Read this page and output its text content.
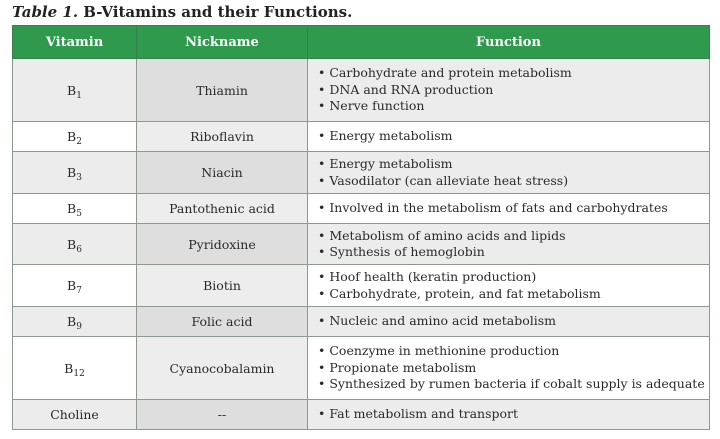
Table 1. B-Vitamins and their Functions.
Vitamin	Nickname	Function
$B_1$	Thiamin	• Carbohydrate and protein metabolism
• DNA and RNA production
• Nerve function

$B_2$	Riboflavin	• Energy metabolism

$B_3$	Niacin	• Energy metabolism
• Vasodilator (can alleviate heat stress)

$B_5$	Pantothenic acid	• Involved in the metabolism of fats and carbohydrates

$B_6$	Pyridoxine	• Metabolism of amino acids and lipids
• Synthesis of hemoglobin

$B_7$	Biotin	• Hoof health (keratin production)
• Carbohydrate, protein, and fat metabolism

$B_9$	Folic acid	• Nucleic and amino acid metabolism

$B_{12}$	Cyanocobalamin	• Coenzyme in methionine production
• Propionate metabolism
• Synthesized by rumen bacteria if cobalt supply is adequate

Choline	--	• Fat metabolism and transport
